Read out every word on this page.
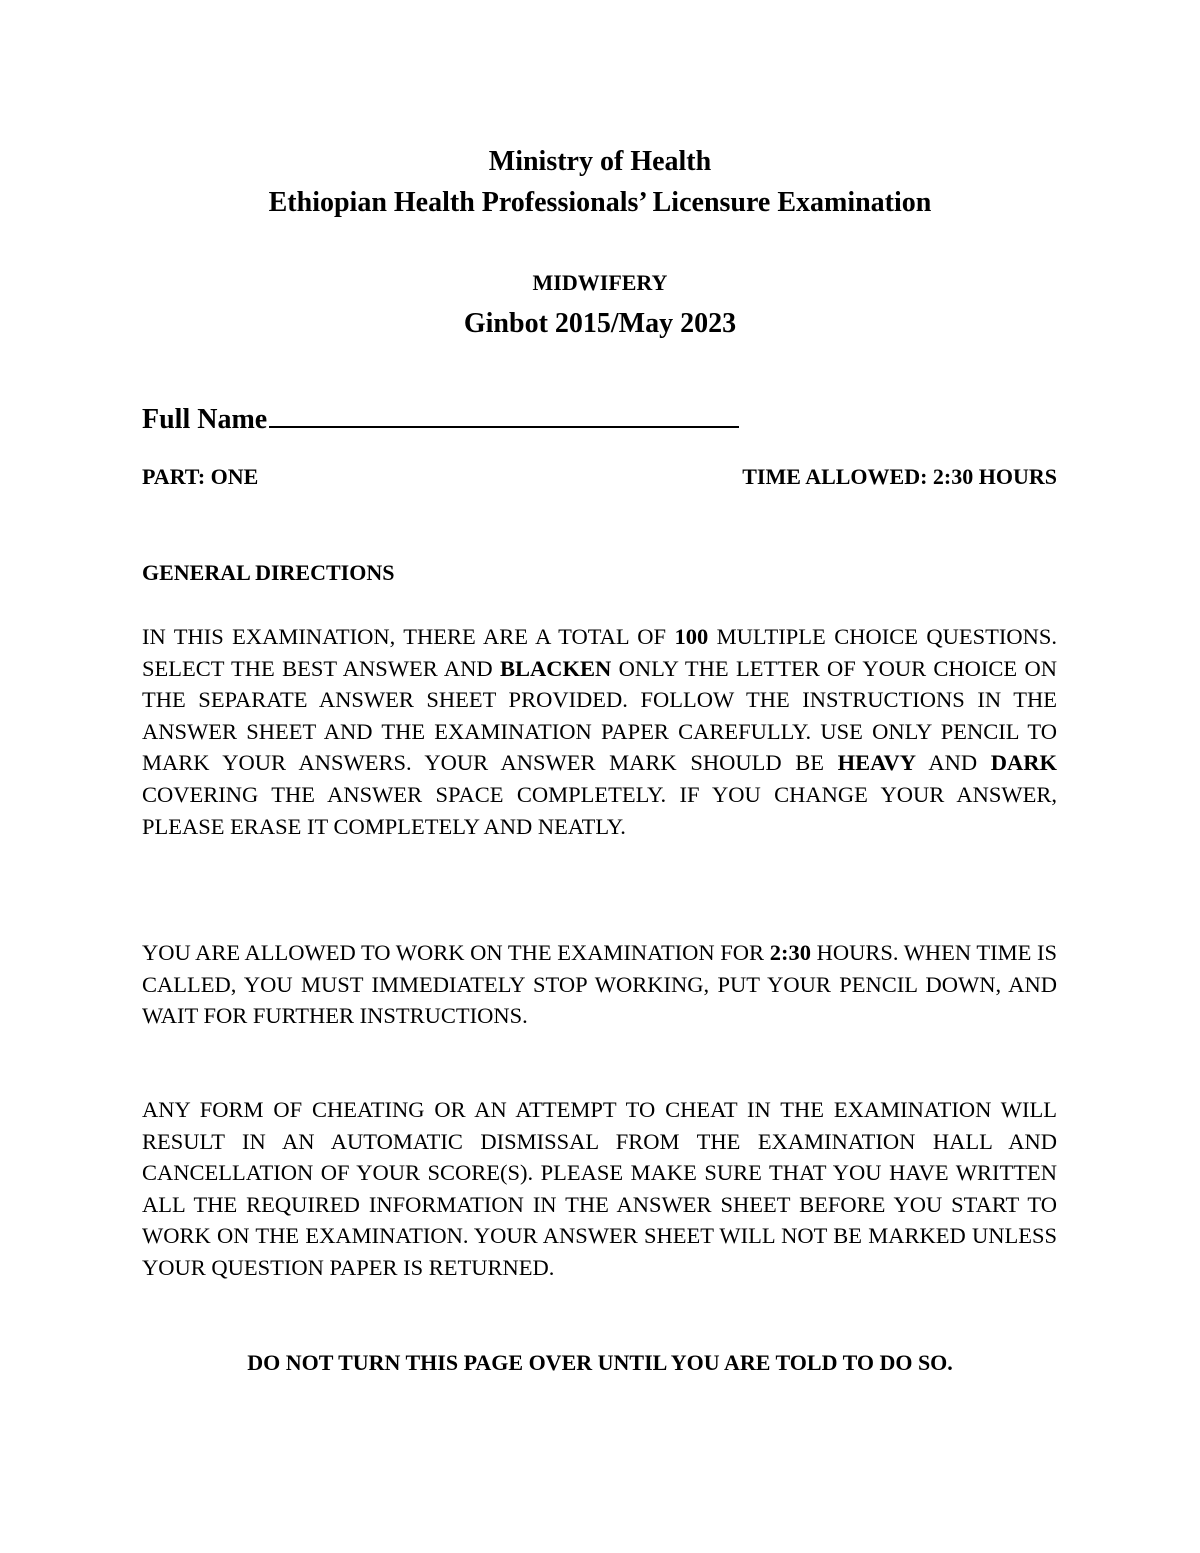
Ministry of Health
Ethiopian Health Professionals’ Licensure Examination
MIDWIFERY
Ginbot 2015/May 2023
Full Name
PART: ONE	TIME ALLOWED: 2:30 HOURS
GENERAL DIRECTIONS
IN THIS EXAMINATION, THERE ARE A TOTAL OF 100 MULTIPLE CHOICE QUESTIONS. SELECT THE BEST ANSWER AND BLACKEN ONLY THE LETTER OF YOUR CHOICE ON THE SEPARATE ANSWER SHEET PROVIDED. FOLLOW THE INSTRUCTIONS IN THE ANSWER SHEET AND THE EXAMINATION PAPER CAREFULLY. USE ONLY PENCIL TO MARK YOUR ANSWERS. YOUR ANSWER MARK SHOULD BE HEAVY AND DARK COVERING THE ANSWER SPACE COMPLETELY. IF YOU CHANGE YOUR ANSWER, PLEASE ERASE IT COMPLETELY AND NEATLY.
YOU ARE ALLOWED TO WORK ON THE EXAMINATION FOR 2:30 HOURS. WHEN TIME IS CALLED, YOU MUST IMMEDIATELY STOP WORKING, PUT YOUR PENCIL DOWN, AND WAIT FOR FURTHER INSTRUCTIONS.
ANY FORM OF CHEATING OR AN ATTEMPT TO CHEAT IN THE EXAMINATION WILL RESULT IN AN AUTOMATIC DISMISSAL FROM THE EXAMINATION HALL AND CANCELLATION OF YOUR SCORE(S). PLEASE MAKE SURE THAT YOU HAVE WRITTEN ALL THE REQUIRED INFORMATION IN THE ANSWER SHEET BEFORE YOU START TO WORK ON THE EXAMINATION. YOUR ANSWER SHEET WILL NOT BE MARKED UNLESS YOUR QUESTION PAPER IS RETURNED.
DO NOT TURN THIS PAGE OVER UNTIL YOU ARE TOLD TO DO SO.
